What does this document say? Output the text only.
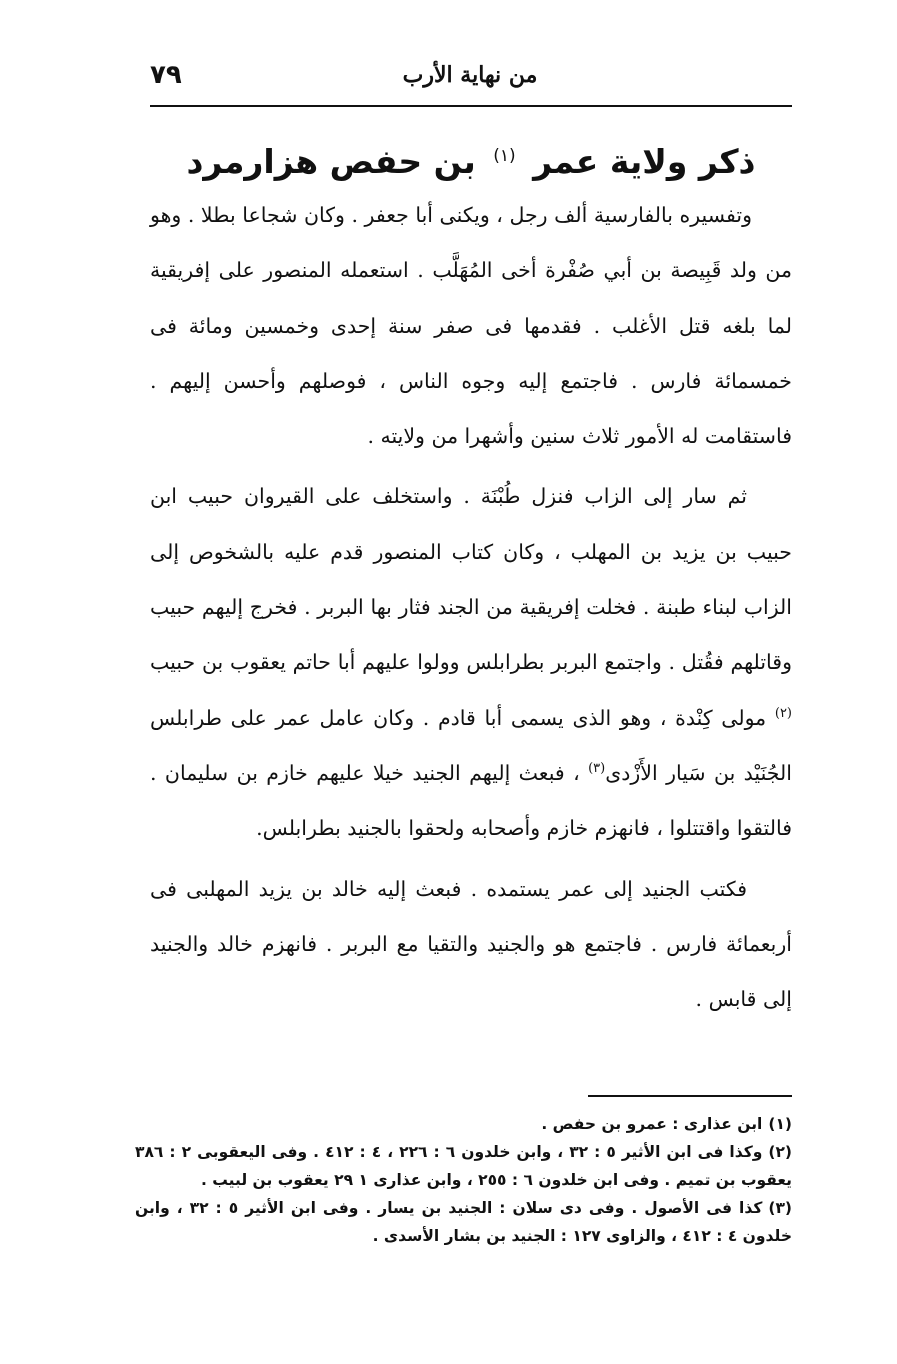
٧٩	من نهاية الأرب
ذكر ولاية عمر $^{(١)}$ بن حفص هزارمرد

وتفسيره بالفارسية ألف رجل ، ويكنى أبا جعفر . وكان شجاعا بطلا . وهو من ولد قَبِيصة بن أبي صُفْرة أخى المُهَلَّب . استعمله المنصور على إفريقية لما بلغه قتل الأغلب . فقدمها فى صفر سنة إحدى وخمسين ومائة فى خمسمائة فارس . فاجتمع إليه وجوه الناس ، فوصلهم وأحسن إليهم . فاستقامت له الأمور ثلاث سنين وأشهرا من ولايته .

ثم سار إلى الزاب فنزل طُبْنَة . واستخلف على القيروان حبيب ابن حبيب بن يزيد بن المهلب ، وكان كتاب المنصور قدم عليه بالشخوص إلى الزاب لبناء طبنة . فخلت إفريقية من الجند فثار بها البربر . فخرج إليهم حبيب وقاتلهم فقُتل . واجتمع البربر بطرابلس وولوا عليهم أبا حاتم يعقوب بن حبيب $^{(٢)}$ مولى كِنْدة ، وهو الذى يسمى أبا قادم . وكان عامل عمر على طرابلس الجُنَيْد بن سَيار الأَزْدى$^{(٣)}$ ، فبعث إليهم الجنيد خيلا عليهم خازم بن سليمان . فالتقوا واقتتلوا ، فانهزم خازم وأصحابه ولحقوا بالجنيد بطرابلس.

فكتب الجنيد إلى عمر يستمده . فبعث إليه خالد بن يزيد المهلبى فى أربعمائة فارس . فاجتمع هو والجنيد والتقيا مع البربر . فانهزم خالد والجنيد إلى قابس .

(١)ابن عذارى : عمرو بن حفص .

(٢)وكذا فى ابن الأثير ٥ : ٣٢ ، وابن خلدون ٦ : ٢٢٦ ، ٤ : ٤١٢ . وفى اليعقوبى ٢ : ٣٨٦ يعقوب بن تميم . وفى ابن خلدون ٦ : ٢٥٥ ، وابن عذارى ١ ٢٩ يعقوب بن لبيب .

(٣)كذا فى الأصول . وفى دى سلان : الجنيد بن يسار . وفى ابن الأثير ٥ : ٣٢ ، وابن خلدون ٤ : ٤١٢ ، والزاوى ١٢٧ : الجنيد بن بشار الأسدى .
